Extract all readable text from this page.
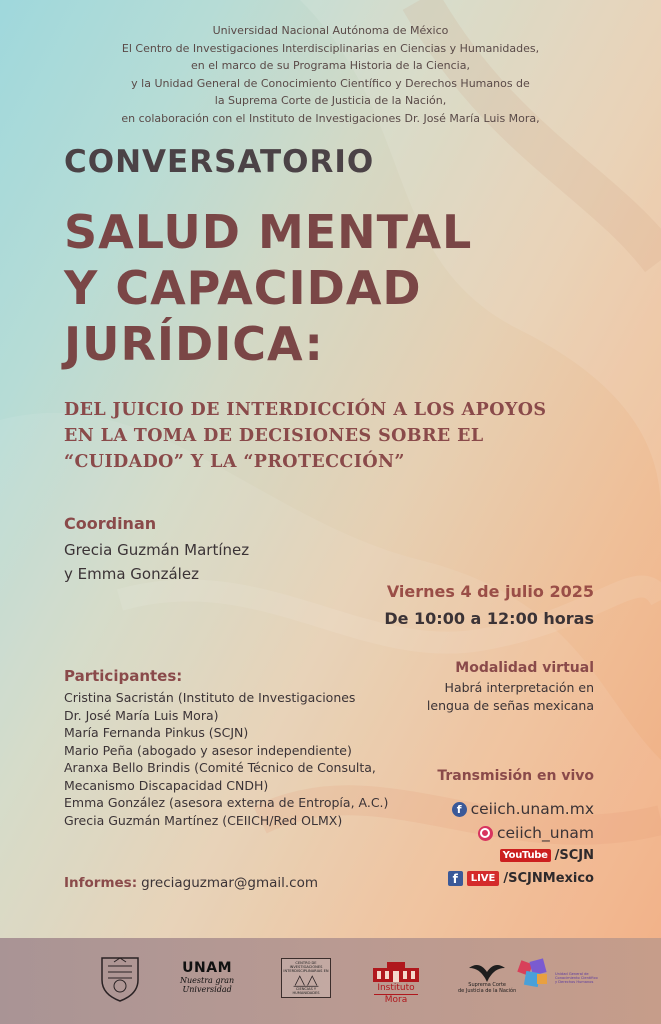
Universidad Nacional Autónoma de México
El Centro de Investigaciones Interdisciplinarias en Ciencias y Humanidades,
en el marco de su Programa Historia de la Ciencia,
y la Unidad General de Conocimiento Científico y Derechos Humanos de
la Suprema Corte de Justicia de la Nación,
en colaboración con el Instituto de Investigaciones Dr. José María Luis Mora,
CONVERSATORIO
SALUD MENTAL
Y CAPACIDAD
JURÍDICA:
DEL JUICIO DE INTERDICCIÓN A LOS APOYOS
EN LA TOMA DE DECISIONES SOBRE EL
“CUIDADO” Y LA “PROTECCIÓN”
Coordinan
Grecia Guzmán Martínez
y Emma González
Viernes 4 de julio 2025
De 10:00 a 12:00 horas
Participantes:
Cristina Sacristán (Instituto de Investigaciones
Dr. José María Luis Mora)
María Fernanda Pinkus (SCJN)
Mario Peña (abogado y asesor independiente)
Aranxa Bello Brindis (Comité Técnico de Consulta,
Mecanismo Discapacidad CNDH)
Emma González (asesora externa de Entropía, A.C.)
Grecia Guzmán Martínez (CEIICH/Red OLMX)
Modalidad virtual
Habrá interpretación en
lengua de señas mexicana
Transmisión en vivo
f ceiich.unam.mx
ceiich_unam
YouTube /SCJN
f	LIVE /SCJNMexico
Informes: greciaguzmar@gmail.com
UNAM
Nuestra gran
Universidad
CENTRO DE INVESTIGACIONES
INTERDISCIPLINARIAS EN
CIENCIAS Y HUMANIDADES	Instituto
Mora
Suprema Corte
de Justicia de la Nación
Unidad General de
Conocimiento Científico
y Derechos Humanos
